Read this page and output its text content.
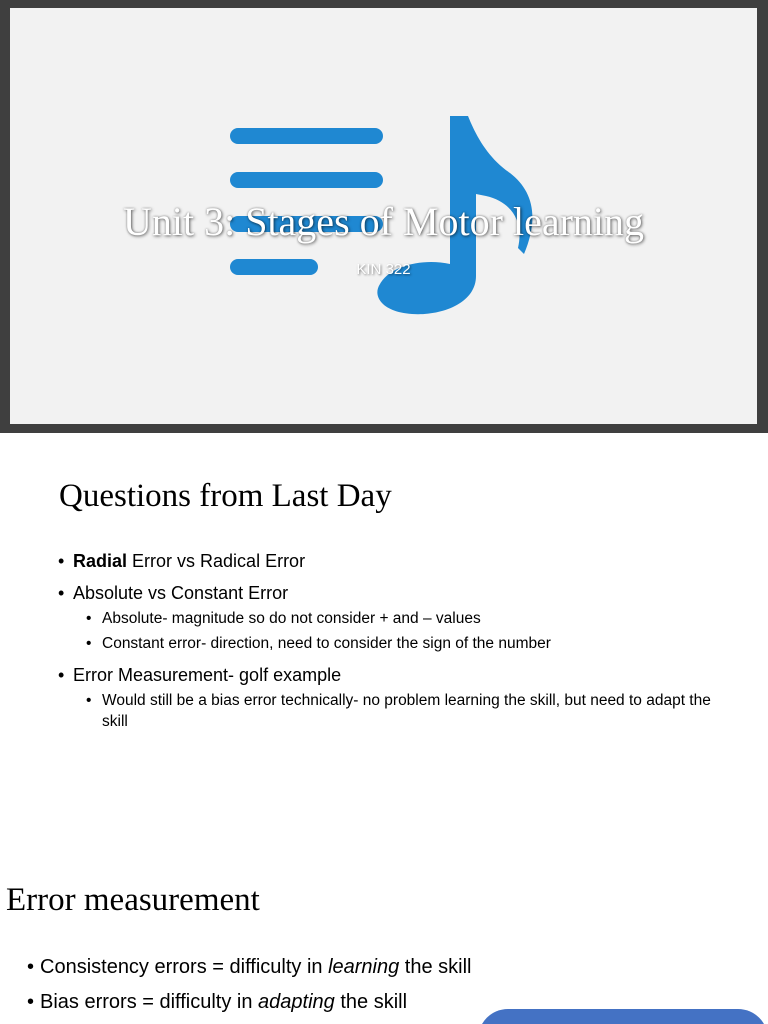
Unit 3: Stages of Motor learning
KIN 322
Questions from Last Day
• Radial Error vs Radical Error
• Absolute vs Constant Error
• Absolute- magnitude so do not consider + and – values
• Constant error- direction, need to consider the sign of the number
• Error Measurement- golf example
• Would still be a bias error technically- no problem learning the skill, but need to adapt the skill
Error measurement
• Consistency errors = difficulty in learning the skill
• Bias errors = difficulty in adapting the skill
